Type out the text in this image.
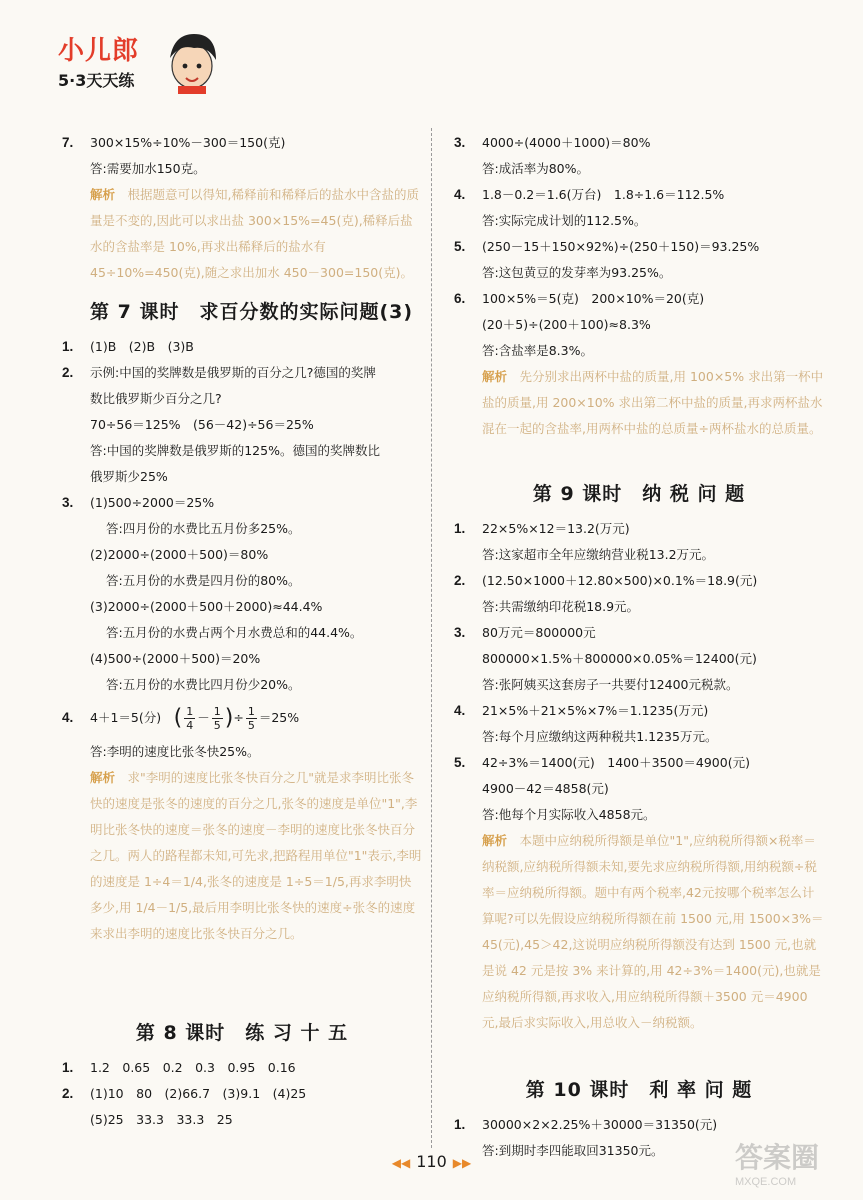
小儿郎
5·3天天练
7. 300×15%÷10%－300＝150(克)
答:需要加水150克。
解析　 根据题意可以得知,稀释前和稀释后的盐水中含盐的质量是不变的,因此可以求出盐 300×15%=45(克),稀释后盐水的含盐率是 10%,再求出稀释后的盐水有 45÷10%=450(克),随之求出加水 450－300=150(克)。
第 7 课时　求百分数的实际问题(3)
1. (1)B　(2)B　(3)B
2. 示例:中国的奖牌数是俄罗斯的百分之几?德国的奖牌
数比俄罗斯少百分之几?
70÷56＝125%　(56－42)÷56＝25%
答:中国的奖牌数是俄罗斯的125%。德国的奖牌数比
俄罗斯少25%
3. (1)500÷2000＝25%
答:四月份的水费比五月份多25%。
(2)2000÷(2000＋500)＝80%
答:五月份的水费是四月份的80%。
(3)2000÷(2000＋500＋2000)≈44.4%
答:五月份的水费占两个月水费总和的44.4%。
(4)500÷(2000＋500)＝20%
答:五月份的水费比四月份少20%。
4. 4＋1＝5(分)　 ( $\frac{1}{4} - \frac{1}{5}$ )÷ $\frac{1}{5} =25\%$
答:李明的速度比张冬快25%。
解析　 求"李明的速度比张冬快百分之几"就是求李明比张冬快的速度是张冬的速度的百分之几,张冬的速度是单位"1",李明比张冬快的速度＝张冬的速度－李明的速度比张冬快百分之几。两人的路程都未知,可先求,把路程用单位"1"表示,李明的速度是 1÷4＝1/4,张冬的速度是 1÷5＝1/5,再求李明快多少,用 1/4－1/5,最后用李明比张冬快的速度÷张冬的速度来求出李明的速度比张冬快百分之几。
第 8 课时　练 习 十 五
1. 1.2　0.65　0.2　0.3　0.95　0.16
2. (1)10　80　(2)66.7　(3)9.1　(4)25
(5)25　33.3　33.3　25
3. 4000÷(4000＋1000)＝80%
答:成活率为80%。
4. 1.8－0.2＝1.6(万台)　1.8÷1.6＝112.5%
答:实际完成计划的112.5%。
5. (250－15＋150×92%)÷(250＋150)＝93.25%
答:这包黄豆的发芽率为93.25%。
6. 100×5%＝5(克)　200×10%＝20(克)
(20＋5)÷(200＋100)≈8.3%
答:含盐率是8.3%。
解析　 先分别求出两杯中盐的质量,用 100×5% 求出第一杯中盐的质量,用 200×10% 求出第二杯中盐的质量,再求两杯盐水混在一起的含盐率,用两杯中盐的总质量÷两杯盐水的总质量。
第 9 课时　纳 税 问 题
1. 22×5%×12＝13.2(万元)
答:这家超市全年应缴纳营业税13.2万元。
2. (12.50×1000＋12.80×500)×0.1%＝18.9(元)
答:共需缴纳印花税18.9元。
3. 80万元＝800000元
800000×1.5%＋800000×0.05%＝12400(元)
答:张阿姨买这套房子一共要付12400元税款。
4. 21×5%＋21×5%×7%＝1.1235(万元)
答:每个月应缴纳这两种税共1.1235万元。
5. 42÷3%＝1400(元)　1400＋3500＝4900(元)
4900－42＝4858(元)
答:他每个月实际收入4858元。
解析　 本题中应纳税所得额是单位"1",应纳税所得额×税率＝纳税额,应纳税所得额未知,要先求应纳税所得额,用纳税额÷税率＝应纳税所得额。题中有两个税率,42元按哪个税率怎么计算呢?可以先假设应纳税所得额在前 1500 元,用 1500×3%＝45(元),45＞42,这说明应纳税所得额没有达到 1500 元,也就是说 42 元是按 3% 来计算的,用 42÷3%＝1400(元),也就是应纳税所得额,再求收入,用应纳税所得额＋3500 元＝4900 元,最后求实际收入,用总收入－纳税额。
第 10 课时　利 率 问 题
1. 30000×2×2.25%＋30000＝31350(元)
答:到期时李四能取回31350元。
◀◀ 110 ▶▶	答案圈
MXQE.COM
